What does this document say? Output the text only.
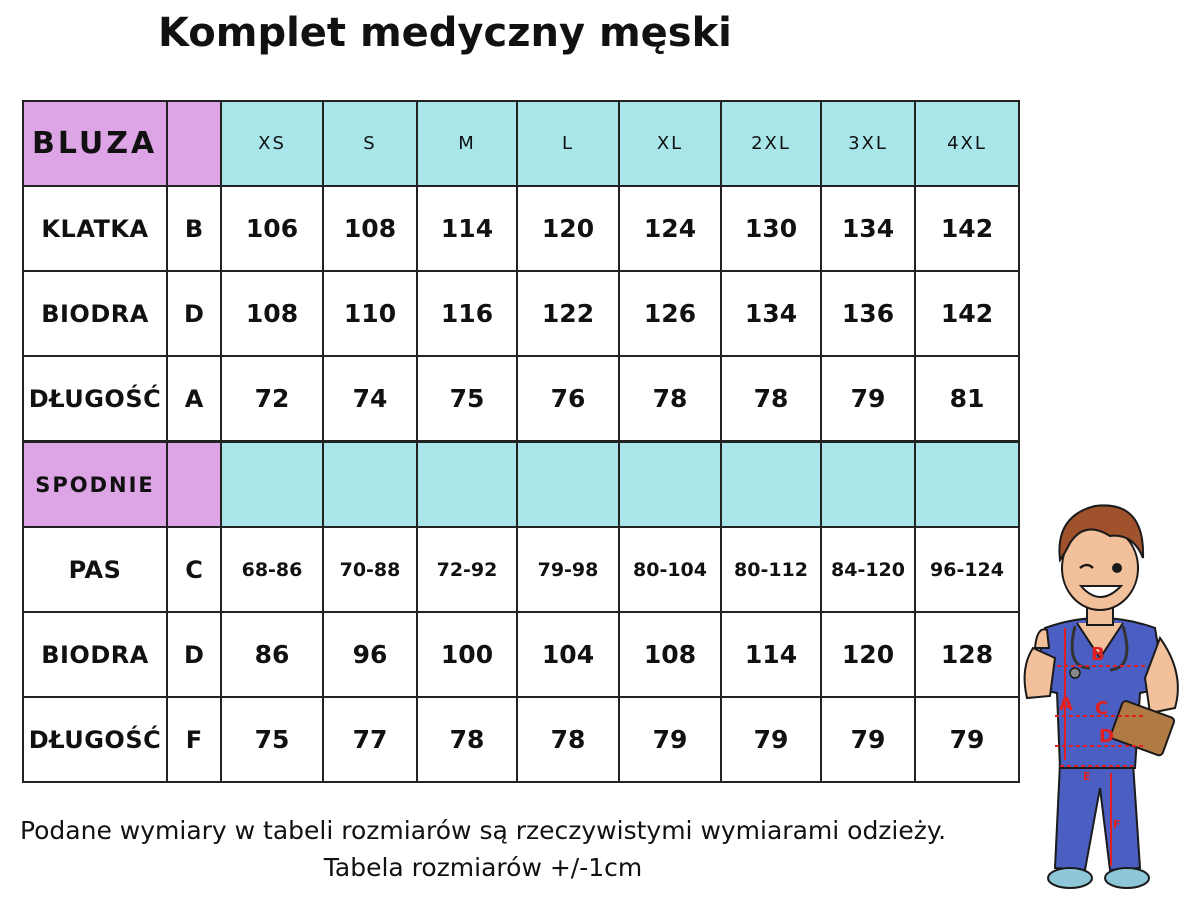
Komplet medyczny męski
BLUZA		XS	S	M	L	XL	2XL	3XL	4XL
KLATKA	B	106	108	114	120	124	130	134	142
BIODRA	D	108	110	116	122	126	134	136	142
DŁUGOŚĆ	A	72	74	75	76	78	78	79	81
SPODNIE									
PAS	C	68-86	70-88	72-92	79-98	80-104	80-112	84-120	96-124
BIODRA	D	86	96	100	104	108	114	120	128
DŁUGOŚĆ	F	75	77	78	78	79	79	79	79
Podane wymiary w tabeli rozmiarów są rzeczywistymi wymiarami odzieży.
Tabela rozmiarów +/-1cm
B
A C
D
E
F
